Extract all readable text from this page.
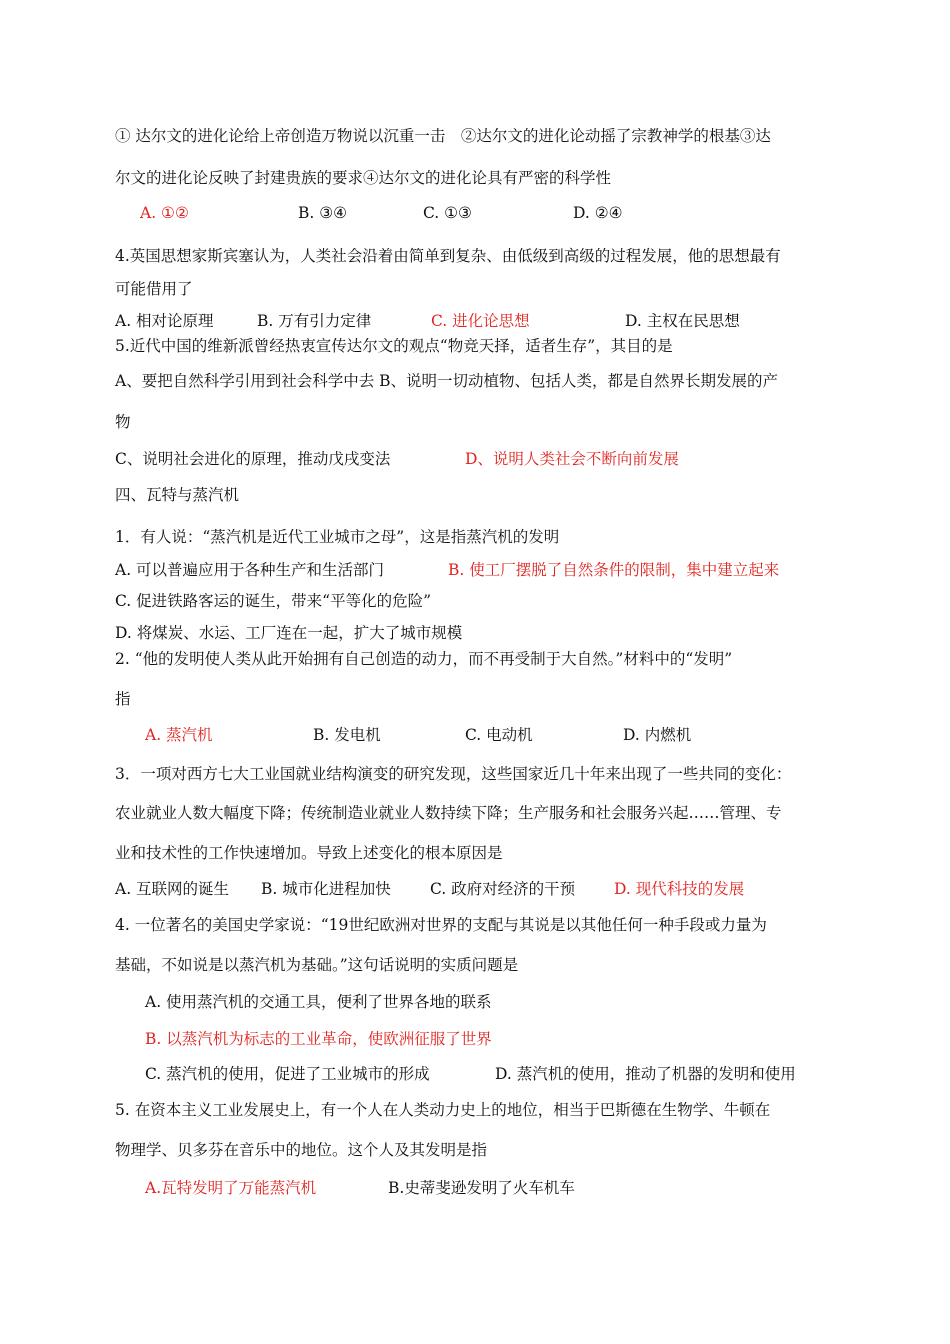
① 达尔文的进化论给上帝创造万物说以沉重一击　②达尔文的进化论动摇了宗教神学的根基③达
尔文的进化论反映了封建贵族的要求④达尔文的进化论具有严密的科学性
A. ①②	B. ③④	C. ①③	D. ②④
4.英国思想家斯宾塞认为，人类社会沿着由简单到复杂、由低级到高级的过程发展，他的思想最有
可能借用了
A. 相对论原理	B. 万有引力定律	C. 进化论思想	D. 主权在民思想
5.近代中国的维新派曾经热衷宣传达尔文的观点“物竞天择，适者生存”，其目的是
A、要把自然科学引用到社会科学中去 B、说明一切动植物、包括人类，都是自然界长期发展的产
物
C、说明社会进化的原理，推动戊戌变法	D、说明人类社会不断向前发展
四、瓦特与蒸汽机
1．有人说：“蒸汽机是近代工业城市之母”，这是指蒸汽机的发明
A. 可以普遍应用于各种生产和生活部门	B. 使工厂摆脱了自然条件的限制，集中建立起来
C. 促进铁路客运的诞生，带来“平等化的危险”
D. 将煤炭、水运、工厂连在一起，扩大了城市规模
2. “他的发明使人类从此开始拥有自己创造的动力，而不再受制于大自然。”材料中的“发明”
指
A. 蒸汽机	B. 发电机	C. 电动机	D. 内燃机
3．一项对西方七大工业国就业结构演变的研究发现，这些国家近几十年来出现了一些共同的变化：
农业就业人数大幅度下降；传统制造业就业人数持续下降；生产服务和社会服务兴起……管理、专
业和技术性的工作快速增加。导致上述变化的根本原因是
A. 互联网的诞生 B. 城市化进程加快	C. 政府对经济的干预	D. 现代科技的发展
4. 一位著名的美国史学家说：“19世纪欧洲对世界的支配与其说是以其他任何一种手段或力量为
基础，不如说是以蒸汽机为基础。”这句话说明的实质问题是
A. 使用蒸汽机的交通工具，便利了世界各地的联系
B. 以蒸汽机为标志的工业革命，使欧洲征服了世界
C. 蒸汽机的使用，促进了工业城市的形成	D. 蒸汽机的使用，推动了机器的发明和使用
5. 在资本主义工业发展史上，有一个人在人类动力史上的地位，相当于巴斯德在生物学、牛顿在
物理学、贝多芬在音乐中的地位。这个人及其发明是指
A.瓦特发明了万能蒸汽机	B.史蒂斐逊发明了火车机车
